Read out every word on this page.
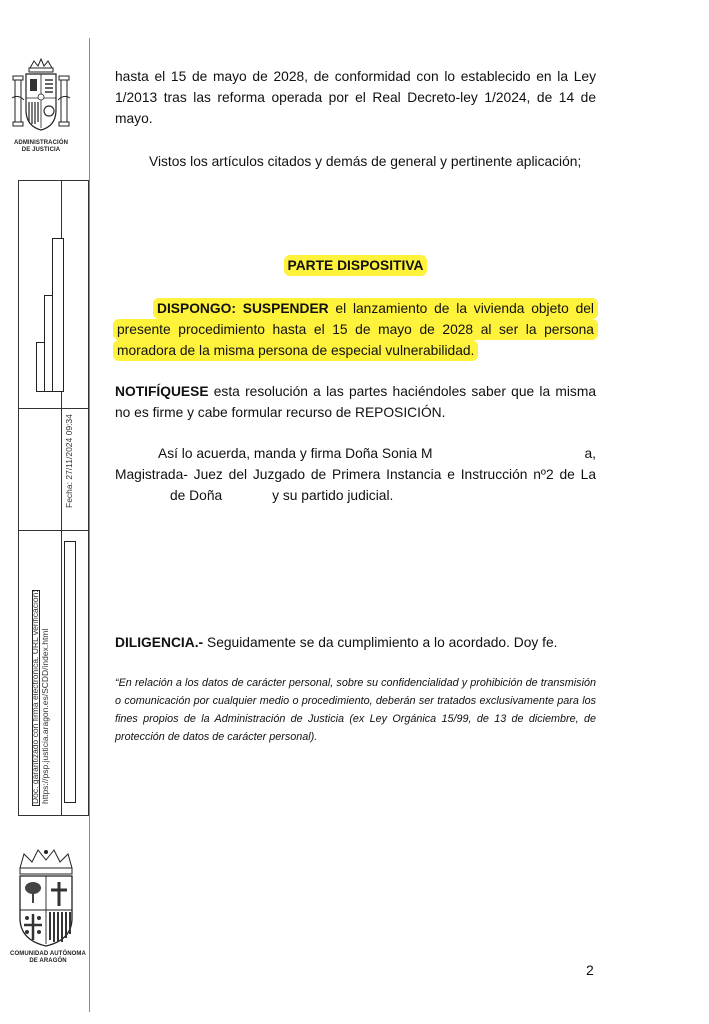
ADMINISTRACIÓN
DE JUSTICIA
Fecha: 27/11/2024 09:34
Doc. garantizado con firma electrónica. URL verificación: https://psp.justicia.aragon.es/SCDD/index.html
COMUNIDAD AUTÓNOMA
DE ARAGÓN
hasta el 15 de mayo de 2028, de conformidad con lo establecido en la Ley 1/2013 tras las reforma operada por el Real Decreto-ley 1/2024, de 14 de mayo.
Vistos los artículos citados y demás de general y pertinente aplicación;
PARTE DISPOSITIVA
DISPONGO: SUSPENDER el lanzamiento de la vivienda objeto del
presente procedimiento hasta el 15 de mayo de 2028 al ser la persona
moradora de la misma persona de especial vulnerabilidad.
NOTIFÍQUESE esta resolución a las partes haciéndoles saber que la misma no es firme y cabe formular recurso de REPOSICIÓN.
Así lo acuerda, manda y firma Doña Sonia M	a,
Magistrada- Juez del Juzgado de Primera Instancia e Instrucción nº2 de La
de Doña	y su partido judicial.
DILIGENCIA.- Seguidamente se da cumplimiento a lo acordado. Doy fe.
“En relación a los datos de carácter personal, sobre su confidencialidad y prohibición de transmisión o comunicación por cualquier medio o procedimiento, deberán ser tratados exclusivamente para los fines propios de la Administración de Justicia (ex Ley Orgánica 15/99, de 13 de diciembre, de protección de datos de carácter personal).
2
